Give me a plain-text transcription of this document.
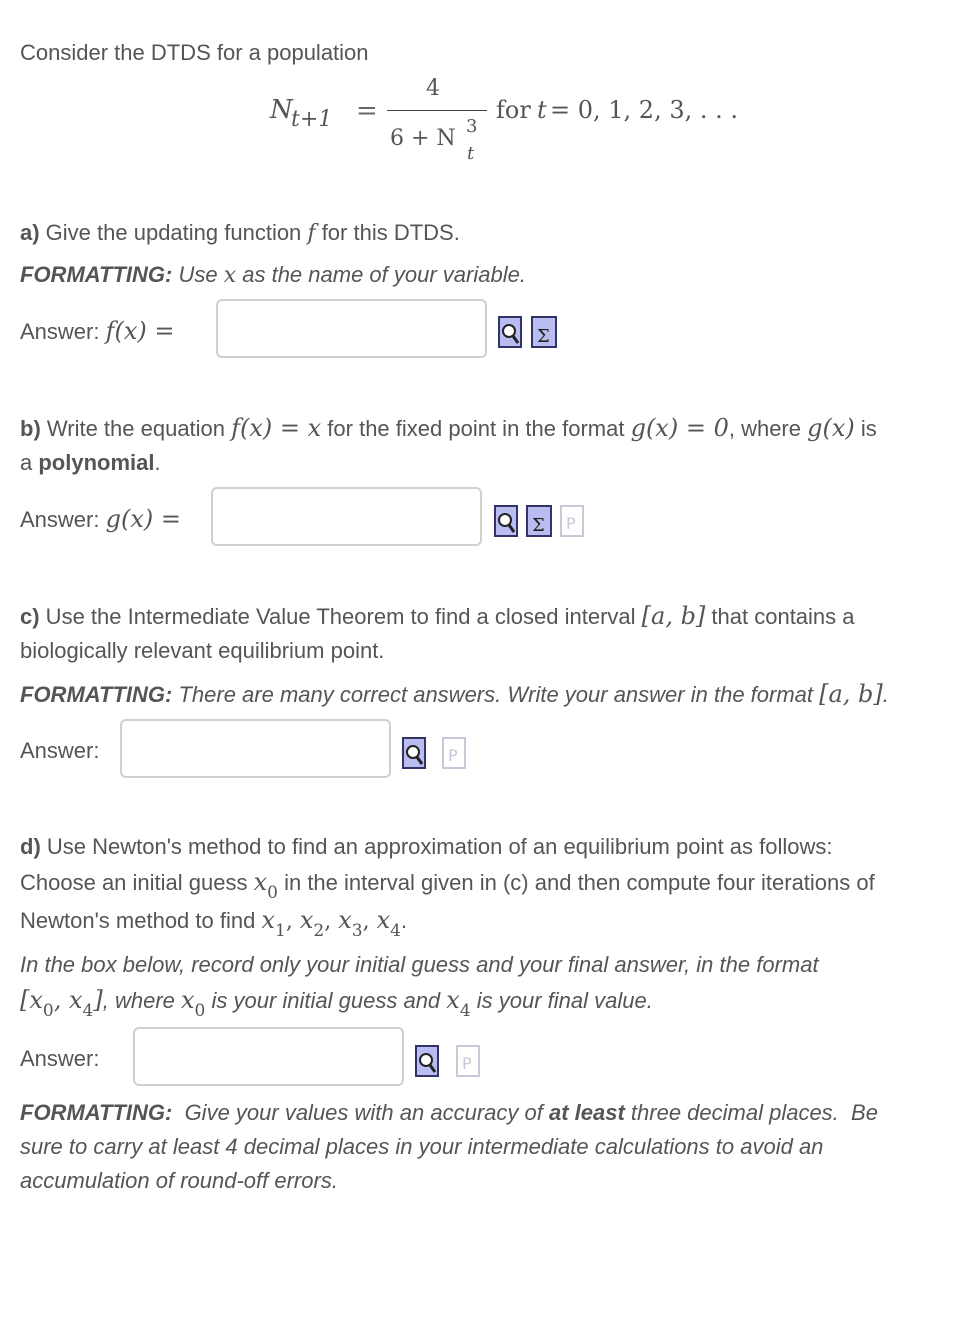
Consider the DTDS for a population
N
t+1 =
4
6 + N 3
t
for t = 0, 1, 2, 3, . . .
a) Give the updating function f for this DTDS.
FORMATTING: Use x as the name of your variable.
Answer: f(x) =	Σ
b) Write the equation f(x) = x for the fixed point in the format g(x) = 0, where g(x) is
a polynomial.
Answer: g(x) =	Σ P
c) Use the Intermediate Value Theorem to find a closed interval [a, b] that contains a
biologically relevant equilibrium point.
FORMATTING: There are many correct answers. Write your answer in the format [a, b].
Answer:	P
d) Use Newton's method to find an approximation of an equilibrium point as follows:
Choose an initial guess $x_0$ in the interval given in (c) and then compute four iterations of
Newton's method to find $x_1$, $x_2$, $x_3$, $x_4$.
In the box below, record only your initial guess and your final answer, in the format
[$x_0$, $x_4$], where $x_0$ is your initial guess and $x_4$ is your final value.
Answer:	P
FORMATTING:  Give your values with an accuracy of at least three decimal places.  Be
sure to carry at least 4 decimal places in your intermediate calculations to avoid an
accumulation of round-off errors.
